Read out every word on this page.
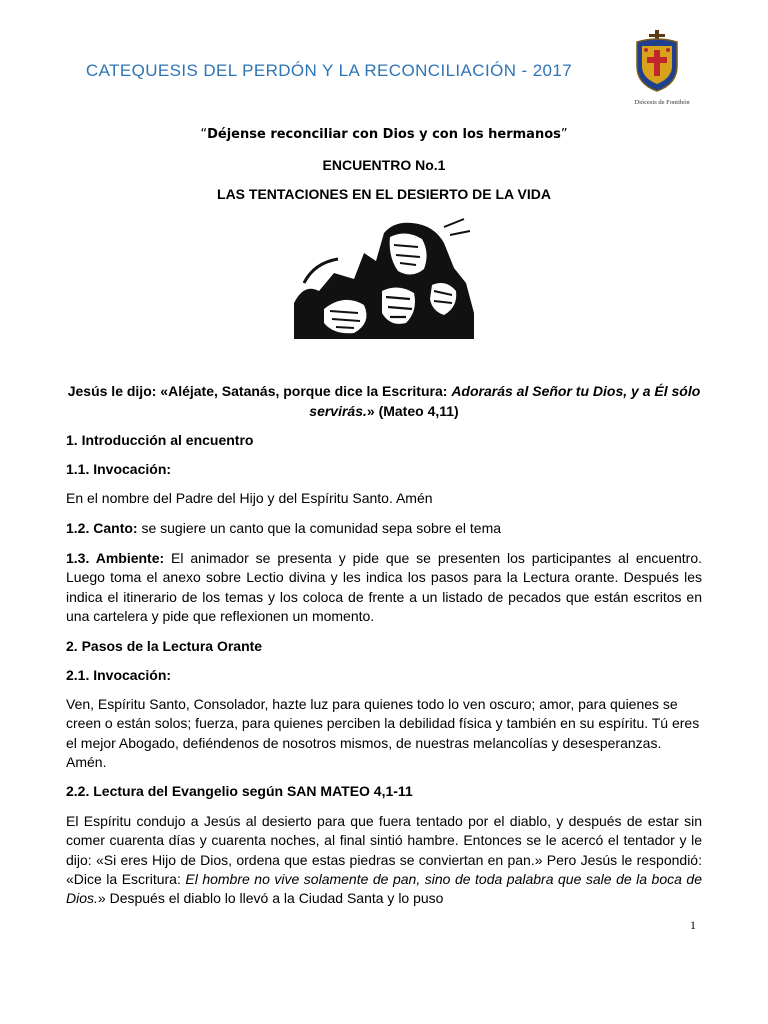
CATEQUESIS DEL PERDÓN Y LA RECONCILIACIÓN - 2017
Diócesis de Fontibón
“Déjense reconciliar con Dios y con los hermanos”
ENCUENTRO No.1
LAS TENTACIONES EN EL DESIERTO DE LA VIDA
Jesús le dijo: «Aléjate, Satanás, porque dice la Escritura: Adorarás al Señor tu Dios, y a Él sólo servirás.» (Mateo 4,11)
1. Introducción al encuentro
1.1. Invocación:
En el nombre del Padre del Hijo y del Espíritu Santo. Amén
1.2. Canto: se sugiere un canto que la comunidad sepa sobre el tema
1.3. Ambiente: El animador se presenta y pide que se presenten los participantes al encuentro. Luego toma el anexo sobre Lectio divina y les indica los pasos para la Lectura orante. Después les indica el itinerario de los temas y los coloca de frente a un listado de pecados que están escritos en una cartelera y pide que reflexionen un momento.
2. Pasos de la Lectura Orante
2.1. Invocación:
Ven, Espíritu Santo, Consolador, hazte luz para quienes todo lo ven oscuro; amor, para quienes se creen o están solos; fuerza, para quienes perciben la debilidad física y también en su espíritu. Tú eres el mejor Abogado, defiéndenos de nosotros mismos, de nuestras melancolías y desesperanzas. Amén.
2.2. Lectura del Evangelio según SAN MATEO 4,1-11
El Espíritu condujo a Jesús al desierto para que fuera tentado por el diablo, y después de estar sin comer cuarenta días y cuarenta noches, al final sintió hambre. Entonces se le acercó el tentador y le dijo: «Si eres Hijo de Dios, ordena que estas piedras se conviertan en pan.» Pero Jesús le respondió: «Dice la Escritura: El hombre no vive solamente de pan, sino de toda palabra que sale de la boca de Dios.» Después el diablo lo llevó a la Ciudad Santa y lo puso
1
